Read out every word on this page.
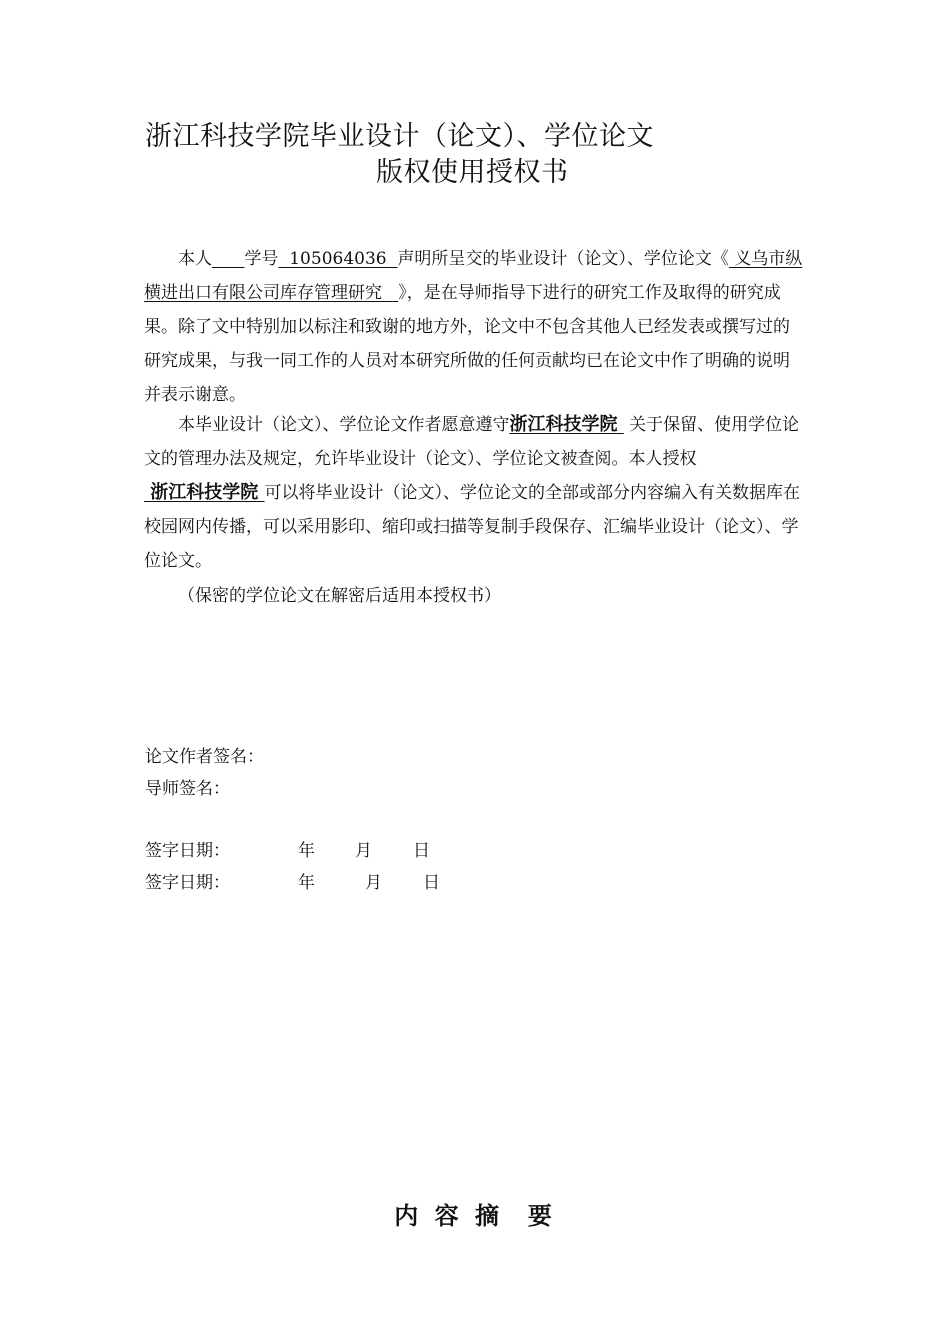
浙江科技学院毕业设计（论文）、学位论文
版权使用授权书
本人 学号  105064036  声明所呈交的毕业设计（论文）、学位论文《 义乌市纵横进出口有限公司库存管理研究   》，是在导师指导下进行的研究工作及取得的研究成果。除了文中特别加以标注和致谢的地方外，论文中不包含其他人已经发表或撰写过的研究成果，与我一同工作的人员对本研究所做的任何贡献均已在论文中作了明确的说明并表示谢意。
本毕业设计（论文）、学位论文作者愿意遵守浙江科技学院  关于保留、使用学位论文的管理办法及规定，允许毕业设计（论文）、学位论文被查阅。本人授权 浙江科技学院 可以将毕业设计（论文）、学位论文的全部或部分内容编入有关数据库在校园网内传播，可以采用影印、缩印或扫描等复制手段保存、汇编毕业设计（论文）、学位论文。
（保密的学位论文在解密后适用本授权书）
论文作者签名：
导师签名：
签字日期：	年 月 日
签字日期：	年	月 日
内 容 摘  要
